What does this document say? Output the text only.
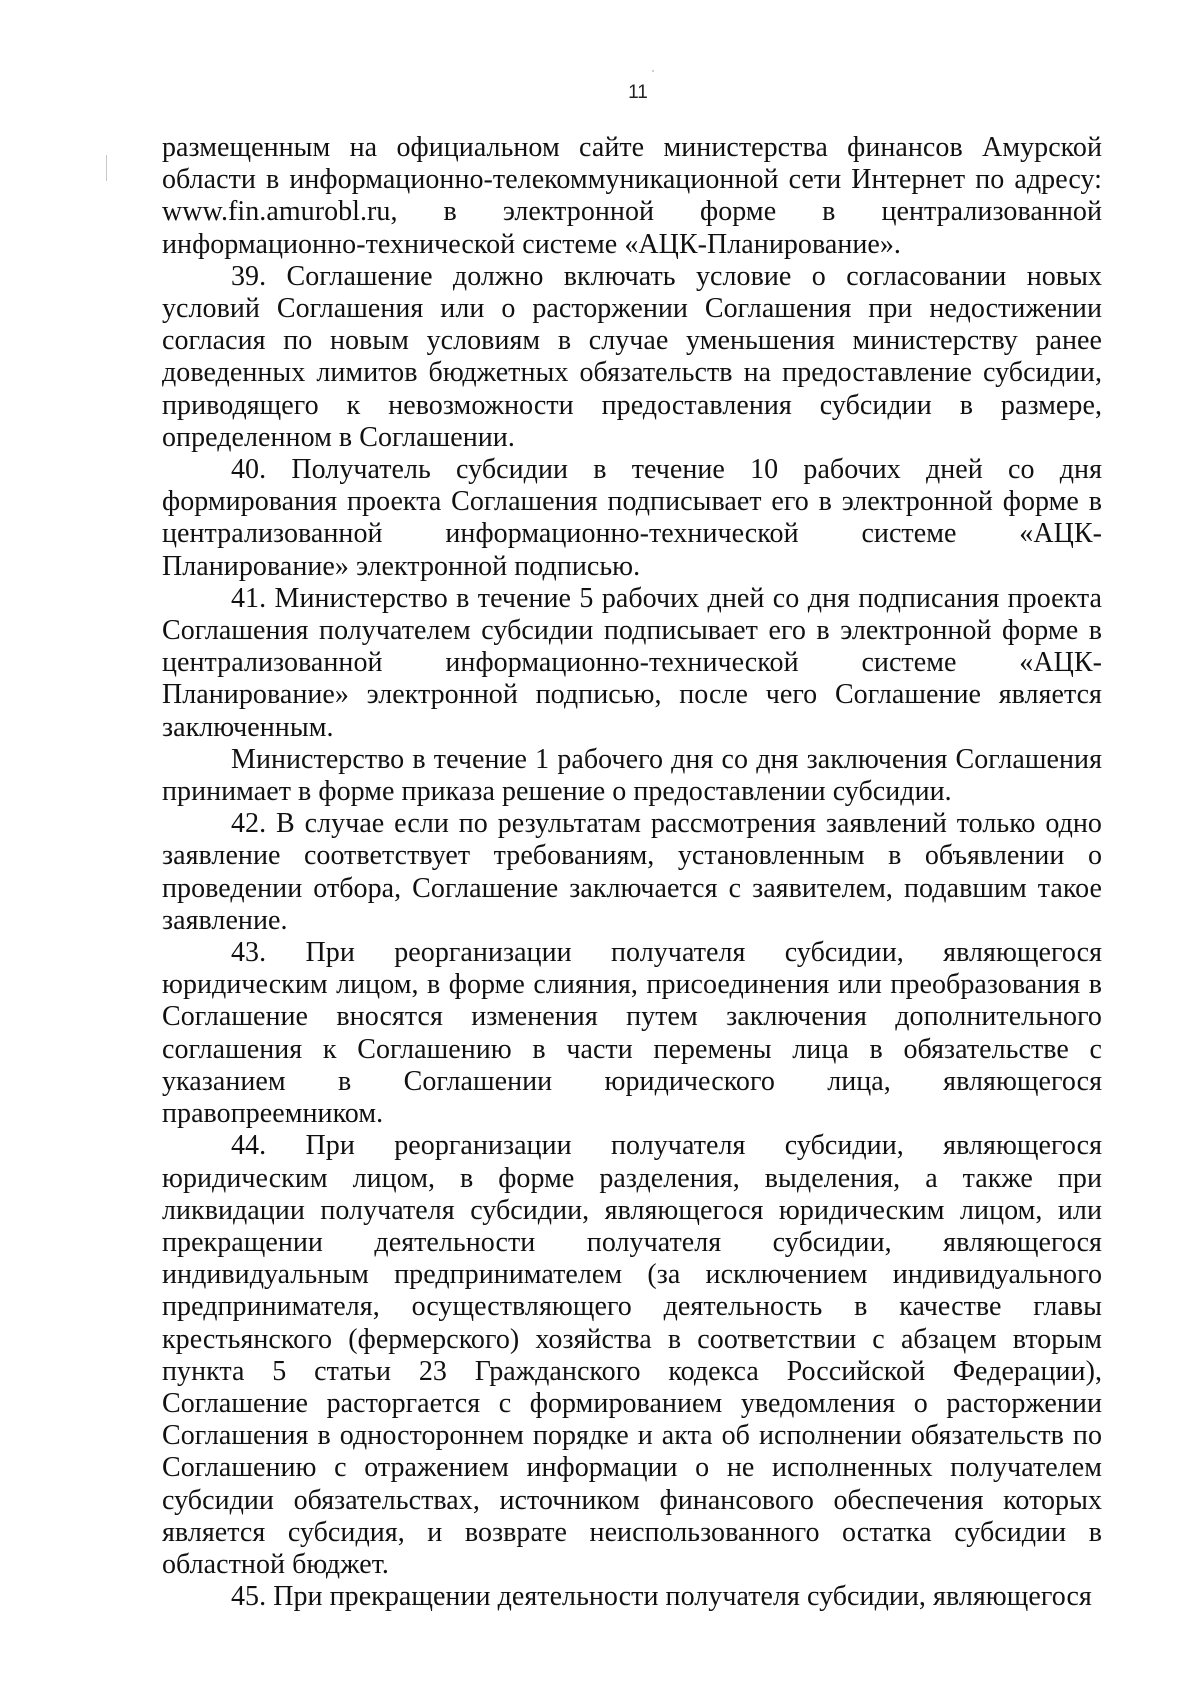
11

размещенным на официальном сайте министерства финансов Амурской области в информационно-телекоммуникационной сети Интернет по адресу: www.fin.amurobl.ru, в электронной форме в централизованной информационно-технической системе «АЦК-Планирование».

39. Соглашение должно включать условие о согласовании новых условий Соглашения или о расторжении Соглашения при недостижении согласия по новым условиям в случае уменьшения министерству ранее доведенных лимитов бюджетных обязательств на предоставление субсидии, приводящего к невозможности предоставления субсидии в размере, определенном в Соглашении.

40. Получатель субсидии в течение 10 рабочих дней со дня формирования проекта Соглашения подписывает его в электронной форме в централизованной информационно-технической системе «АЦК-Планирование» электронной подписью.

41. Министерство в течение 5 рабочих дней со дня подписания проекта Соглашения получателем субсидии подписывает его в электронной форме в централизованной информационно-технической системе «АЦК-Планирование» электронной подписью, после чего Соглашение является заключенным.

Министерство в течение 1 рабочего дня со дня заключения Соглашения принимает в форме приказа решение о предоставлении субсидии.

42. В случае если по результатам рассмотрения заявлений только одно заявление соответствует требованиям, установленным в объявлении о проведении отбора, Соглашение заключается с заявителем, подавшим такое заявление.

43. При реорганизации получателя субсидии, являющегося юридическим лицом, в форме слияния, присоединения или преобразования в Соглашение вносятся изменения путем заключения дополнительного соглашения к Соглашению в части перемены лица в обязательстве с указанием в Соглашении юридического лица, являющегося правопреемником.

44. При реорганизации получателя субсидии, являющегося юридическим лицом, в форме разделения, выделения, а также при ликвидации получателя субсидии, являющегося юридическим лицом, или прекращении деятельности получателя субсидии, являющегося индивидуальным предпринимателем (за исключением индивидуального предпринимателя, осуществляющего деятельность в качестве главы крестьянского (фермерского) хозяйства в соответствии с абзацем вторым пункта 5 статьи 23 Гражданского кодекса Российской Федерации), Соглашение расторгается с формированием уведомления о расторжении Соглашения в одностороннем порядке и акта об исполнении обязательств по Соглашению с отражением информации о не исполненных получателем субсидии обязательствах, источником финансового обеспечения которых является субсидия, и возврате неиспользованного остатка субсидии в областной бюджет.

45. При прекращении деятельности получателя субсидии, являющегося
